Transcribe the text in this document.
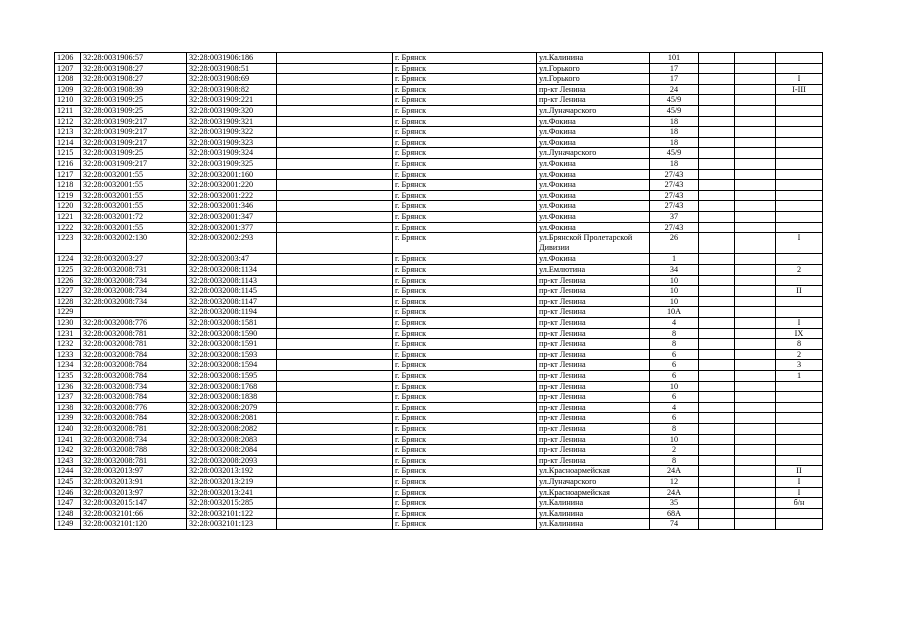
1206	32:28:0031906:57	32:28:0031906:186		г. Брянск	ул.Калинина	101			
1207	32:28:0031908:27	32:28:0031908:51		г. Брянск	ул.Горького	17			
1208	32:28:0031908:27	32:28:0031908:69		г. Брянск	ул.Горького	17			I
1209	32:28:0031908:39	32:28:0031908:82		г. Брянск	пр-кт Ленина	24			I-III
1210	32:28:0031909:25	32:28:0031909:221		г. Брянск	пр-кт Ленина	45/9			
1211	32:28:0031909:25	32:28:0031909:320		г. Брянск	ул.Луначарского	45/9			
1212	32:28:0031909:217	32:28:0031909:321		г. Брянск	ул.Фокина	18			
1213	32:28:0031909:217	32:28:0031909:322		г. Брянск	ул.Фокина	18			
1214	32:28:0031909:217	32:28:0031909:323		г. Брянск	ул.Фокина	18			
1215	32:28:0031909:25	32:28:0031909:324		г. Брянск	ул.Луначарского	45/9			
1216	32:28:0031909:217	32:28:0031909:325		г. Брянск	ул.Фокина	18			
1217	32:28:0032001:55	32:28:0032001:160		г. Брянск	ул.Фокина	27/43			
1218	32:28:0032001:55	32:28:0032001:220		г. Брянск	ул.Фокина	27/43			
1219	32:28:0032001:55	32:28:0032001:222		г. Брянск	ул.Фокина	27/43			
1220	32:28:0032001:55	32:28:0032001:346		г. Брянск	ул.Фокина	27/43			
1221	32:28:0032001:72	32:28:0032001:347		г. Брянск	ул.Фокина	37			
1222	32:28:0032001:55	32:28:0032001:377		г. Брянск	ул.Фокина	27/43			
1223	32:28:0032002:130	32:28:0032002:293		г. Брянск	ул.Брянской Пролетарской Дивизии	26			I
1224	32:28:0032003:27	32:28:0032003:47		г. Брянск	ул.Фокина	1			
1225	32:28:0032008:731	32:28:0032008:1134		г. Брянск	ул.Емлютина	34			2
1226	32:28:0032008:734	32:28:0032008:1143		г. Брянск	пр-кт Ленина	10			
1227	32:28:0032008:734	32:28:0032008:1145		г. Брянск	пр-кт Ленина	10			II
1228	32:28:0032008:734	32:28:0032008:1147		г. Брянск	пр-кт Ленина	10			
1229		32:28:0032008:1194		г. Брянск	пр-кт Ленина	10А			
1230	32:28:0032008:776	32:28:0032008:1581		г. Брянск	пр-кт Ленина	4			I
1231	32:28:0032008:781	32:28:0032008:1590		г. Брянск	пр-кт Ленина	8			IX
1232	32:28:0032008:781	32:28:0032008:1591		г. Брянск	пр-кт Ленина	8			8
1233	32:28:0032008:784	32:28:0032008:1593		г. Брянск	пр-кт Ленина	6			2
1234	32:28:0032008:784	32:28:0032008:1594		г. Брянск	пр-кт Ленина	6			3
1235	32:28:0032008:784	32:28:0032008:1595		г. Брянск	пр-кт Ленина	6			1
1236	32:28:0032008:734	32:28:0032008:1768		г. Брянск	пр-кт Ленина	10			
1237	32:28:0032008:784	32:28:0032008:1838		г. Брянск	пр-кт Ленина	6			
1238	32:28:0032008:776	32:28:0032008:2079		г. Брянск	пр-кт Ленина	4			
1239	32:28:0032008:784	32:28:0032008:2081		г. Брянск	пр-кт Ленина	6			
1240	32:28:0032008:781	32:28:0032008:2082		г. Брянск	пр-кт Ленина	8			
1241	32:28:0032008:734	32:28:0032008:2083		г. Брянск	пр-кт Ленина	10			
1242	32:28:0032008:788	32:28:0032008:2084		г. Брянск	пр-кт Ленина	2			
1243	32:28:0032008:781	32:28:0032008:2093		г. Брянск	пр-кт Ленина	8			
1244	32:28:0032013:97	32:28:0032013:192		г. Брянск	ул.Красноармейская	24А			II
1245	32:28:0032013:91	32:28:0032013:219		г. Брянск	ул.Луначарского	12			I
1246	32:28:0032013:97	32:28:0032013:241		г. Брянск	ул.Красноармейская	24А			I
1247	32:28:0032015:147	32:28:0032015:285		г. Брянск	ул.Калинина	35			б/н
1248	32:28:0032101:66	32:28:0032101:122		г. Брянск	ул.Калинина	68А			
1249	32:28:0032101:120	32:28:0032101:123		г. Брянск	ул.Калинина	74			
